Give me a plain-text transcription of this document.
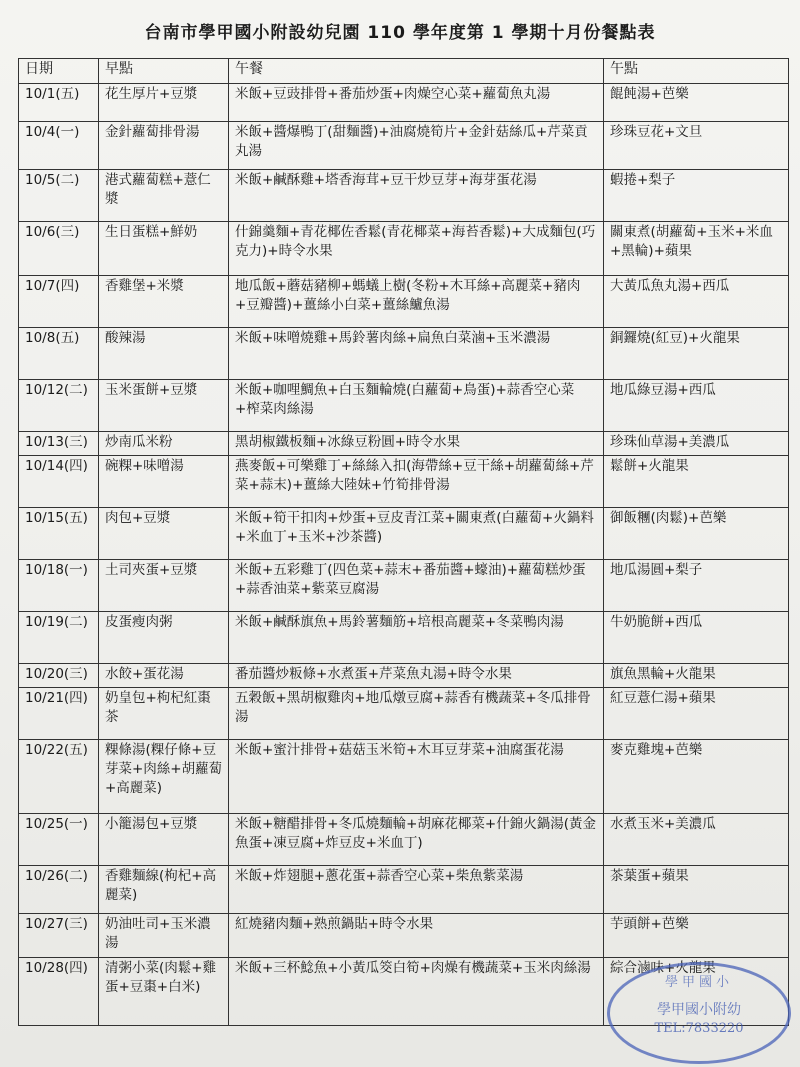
台南市學甲國小附設幼兒園 110 學年度第 1 學期十月份餐點表
日期	早點	午餐	午點
10/1(五)	花生厚片+豆漿	米飯+豆豉排骨+番茄炒蛋+肉燥空心菜+蘿蔔魚丸湯	餛飩湯+芭樂
10/4(一)	金針蘿蔔排骨湯	米飯+醬爆鴨丁(甜麵醬)+油腐燒筍片+金針菇絲瓜+芹菜貢丸湯	珍珠豆花+文旦
10/5(二)	港式蘿蔔糕+薏仁漿	米飯+鹹酥雞+塔香海茸+豆干炒豆芽+海芽蛋花湯	蝦捲+梨子
10/6(三)	生日蛋糕+鮮奶	什錦羹麵+青花椰佐香鬆(青花椰菜+海苔香鬆)+大成麵包(巧克力)+時令水果	關東煮(胡蘿蔔+玉米+米血+黑輪)+蘋果
10/7(四)	香雞堡+米漿	地瓜飯+蘑菇豬柳+螞蟻上樹(冬粉+木耳絲+高麗菜+豬肉+豆瓣醬)+薑絲小白菜+薑絲鱸魚湯	大黃瓜魚丸湯+西瓜
10/8(五)	酸辣湯	米飯+味噌燒雞+馬鈴薯肉絲+扁魚白菜滷+玉米濃湯	銅鑼燒(紅豆)+火龍果
10/12(二)	玉米蛋餅+豆漿	米飯+咖哩鯛魚+白玉麵輪燒(白蘿蔔+鳥蛋)+蒜香空心菜+榨菜肉絲湯	地瓜綠豆湯+西瓜
10/13(三)	炒南瓜米粉	黑胡椒鐵板麵+冰綠豆粉圓+時令水果	珍珠仙草湯+美濃瓜
10/14(四)	碗粿+味噌湯	燕麥飯+可樂雞丁+絲絲入扣(海帶絲+豆干絲+胡蘿蔔絲+芹菜+蒜末)+薑絲大陸妹+竹筍排骨湯	鬆餅+火龍果
10/15(五)	肉包+豆漿	米飯+筍干扣肉+炒蛋+豆皮青江菜+關東煮(白蘿蔔+火鍋料+米血丁+玉米+沙茶醬)	御飯糰(肉鬆)+芭樂
10/18(一)	土司夾蛋+豆漿	米飯+五彩雞丁(四色菜+蒜末+番茄醬+蠔油)+蘿蔔糕炒蛋+蒜香油菜+紫菜豆腐湯	地瓜湯圓+梨子
10/19(二)	皮蛋瘦肉粥	米飯+鹹酥旗魚+馬鈴薯麵筋+培根高麗菜+冬菜鴨肉湯	牛奶脆餅+西瓜
10/20(三)	水餃+蛋花湯	番茄醬炒粄條+水煮蛋+芹菜魚丸湯+時令水果	旗魚黑輪+火龍果
10/21(四)	奶皇包+枸杞紅棗茶	五穀飯+黑胡椒雞肉+地瓜燉豆腐+蒜香有機蔬菜+冬瓜排骨湯	紅豆薏仁湯+蘋果
10/22(五)	粿條湯(粿仔條+豆芽菜+肉絲+胡蘿蔔+高麗菜)	米飯+蜜汁排骨+菇菇玉米筍+木耳豆芽菜+油腐蛋花湯	麥克雞塊+芭樂
10/25(一)	小籠湯包+豆漿	米飯+糖醋排骨+冬瓜燒麵輪+胡麻花椰菜+什錦火鍋湯(黃金魚蛋+凍豆腐+炸豆皮+米血丁)	水煮玉米+美濃瓜
10/26(二)	香雞麵線(枸杞+高麗菜)	米飯+炸翅腿+蔥花蛋+蒜香空心菜+柴魚紫菜湯	茶葉蛋+蘋果
10/27(三)	奶油吐司+玉米濃湯	紅燒豬肉麵+熟煎鍋貼+時令水果	芋頭餅+芭樂
10/28(四)	清粥小菜(肉鬆+雞蛋+豆棗+白米)	米飯+三杯鯰魚+小黃瓜筊白筍+肉燥有機蔬菜+玉米肉絲湯	綜合滷味+火龍果
學甲國小
學甲國小附幼
TEL:7833220
